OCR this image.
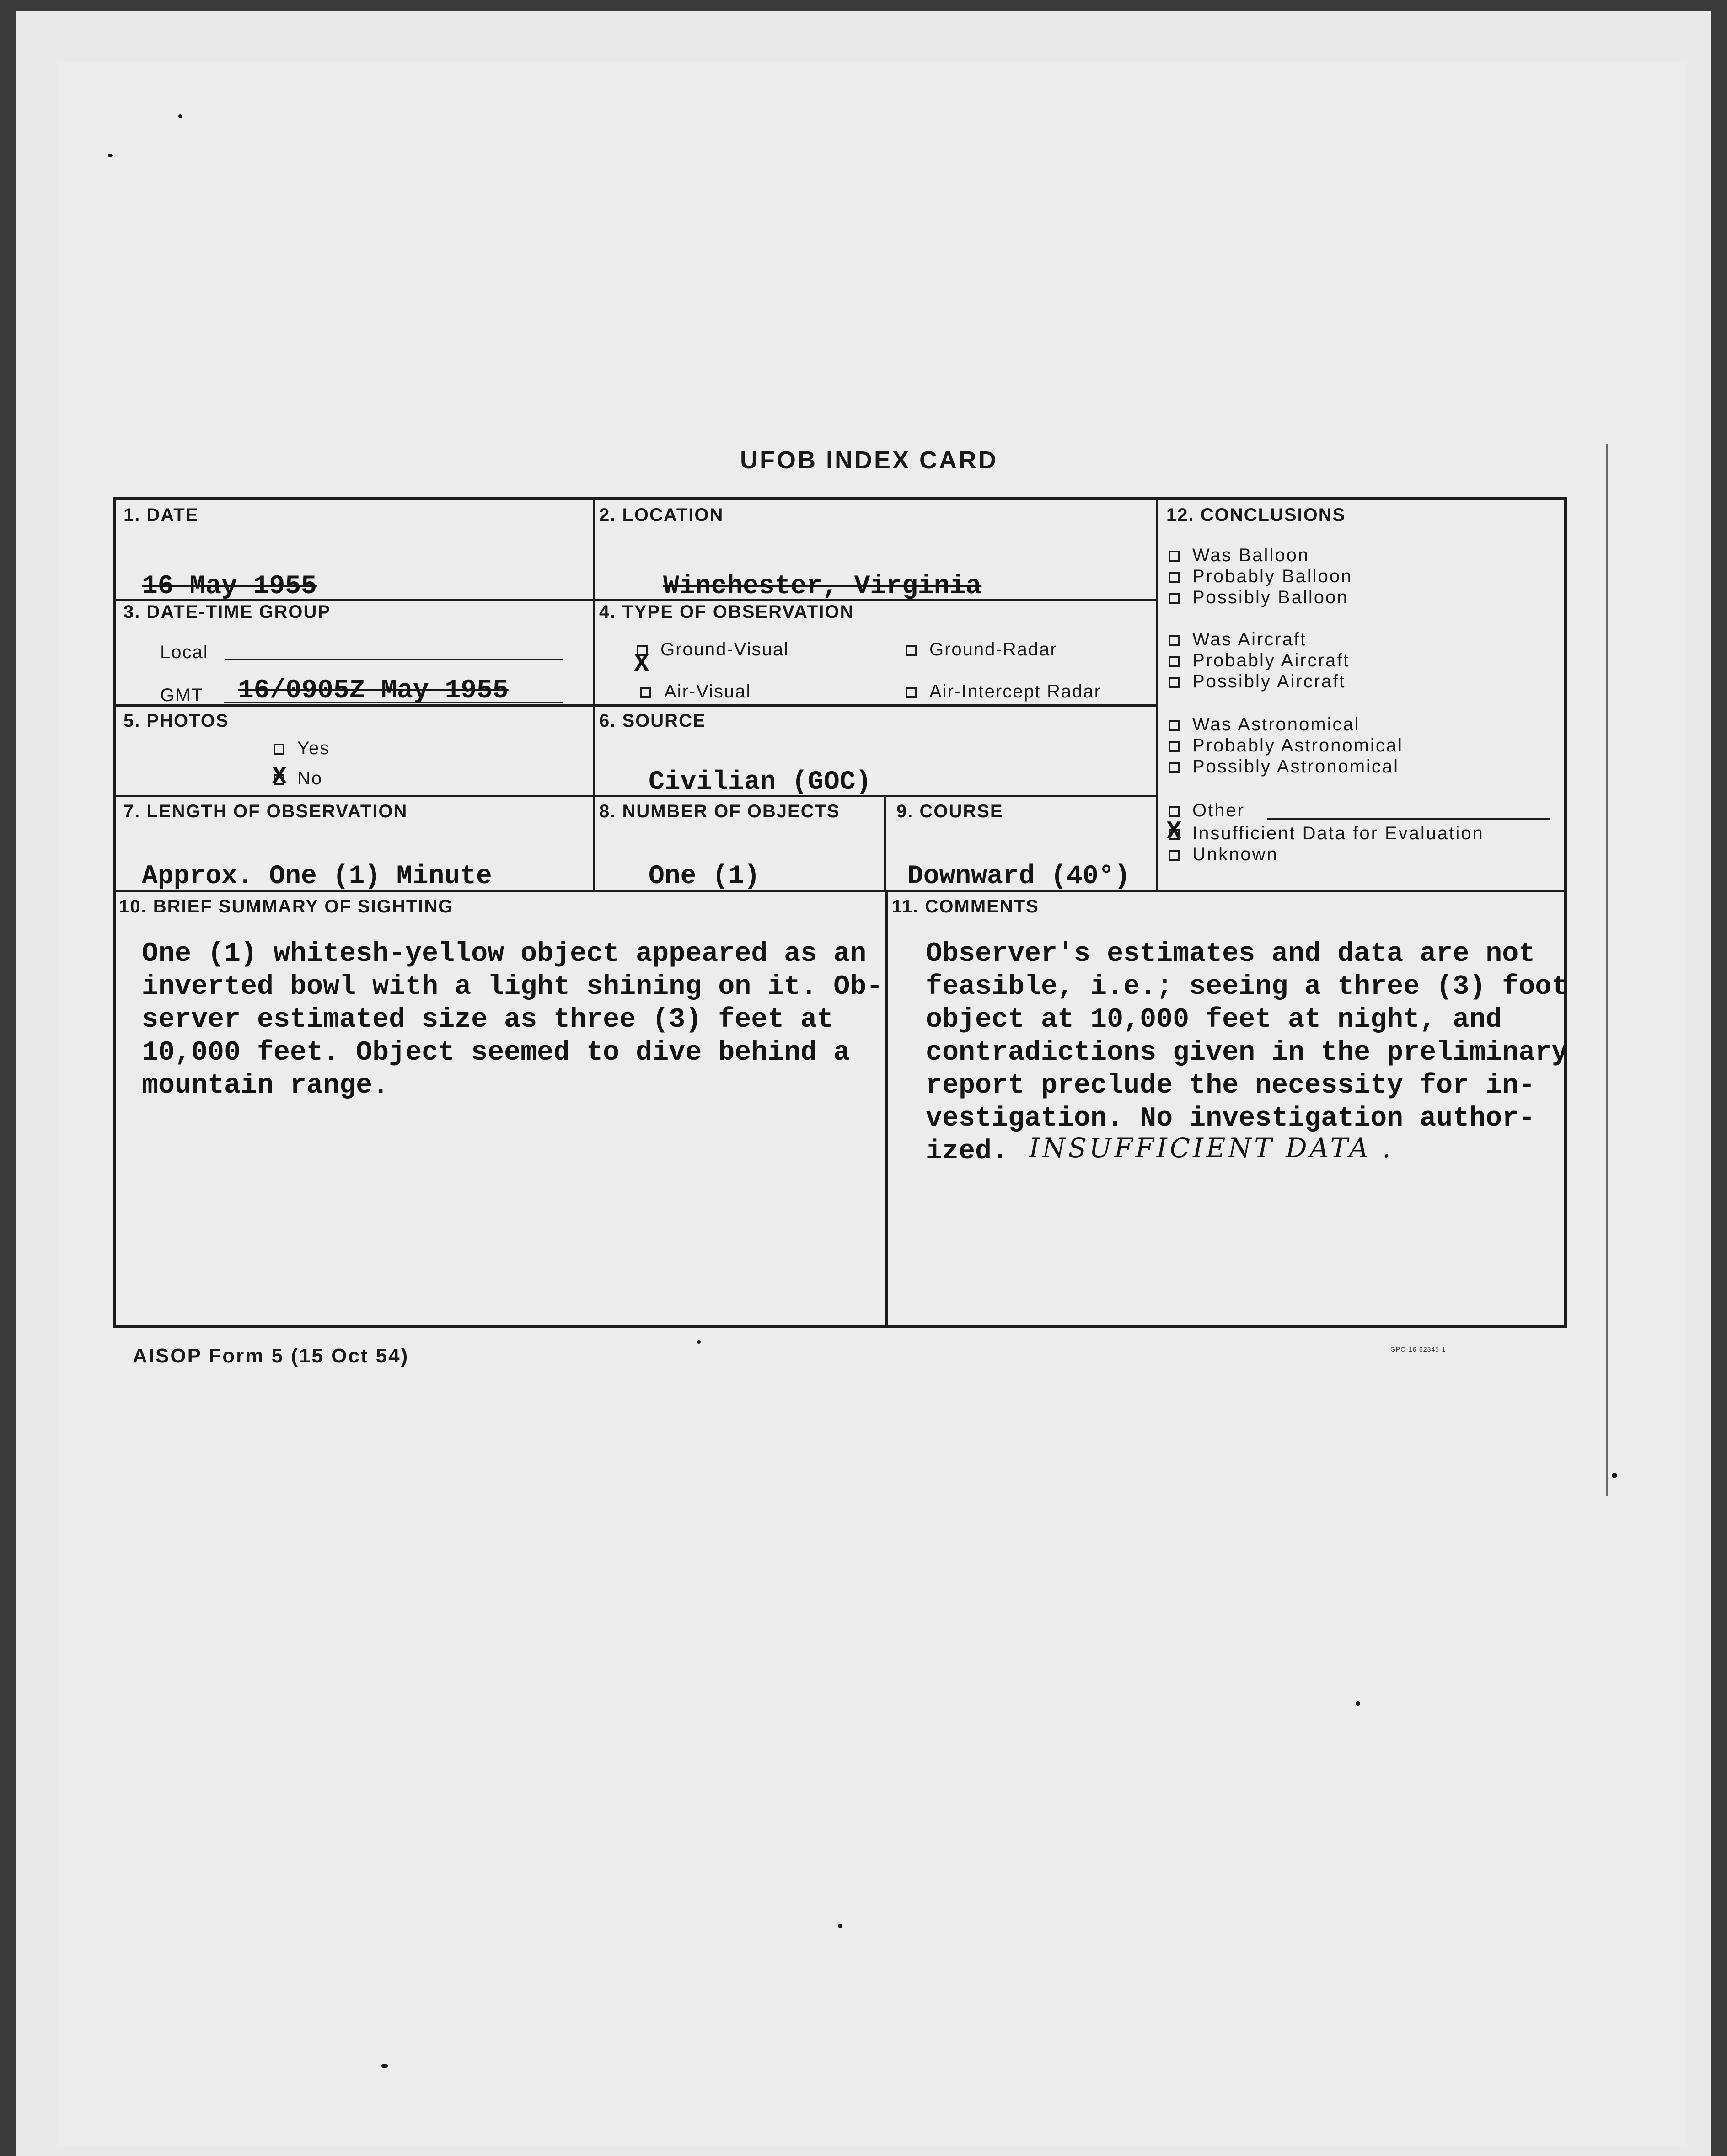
UFOB INDEX CARD
1. DATE
16 May 1955
2. LOCATION
Winchester, Virginia
3. DATE-TIME GROUP
Local
GMT 16/0905Z May 1955
4. TYPE OF OBSERVATION
Ground-Visual
X
Air-Visual
Ground-Radar
Air-Intercept Radar
5. PHOTOS
Yes
No
X
6. SOURCE
Civilian (GOC)
7. LENGTH OF OBSERVATION
Approx. One (1) Minute
8. NUMBER OF OBJECTS
One (1)
9. COURSE
Downward (40°)
10. BRIEF SUMMARY OF SIGHTING
One (1) whitesh-yellow object appeared as an
inverted bowl with a light shining on it. Ob-
server estimated size as three (3) feet at
10,000 feet. Object seemed to dive behind a
mountain range.
11. COMMENTS
Observer's estimates and data are not
feasible, i.e.; seeing a three (3) foot
object at 10,000 feet at night, and
contradictions given in the preliminary
report preclude the necessity for in-
vestigation. No investigation author-
ized. INSUFFICIENT DATA .
12. CONCLUSIONS
Was Balloon
Probably Balloon
Possibly Balloon
Was Aircraft
Probably Aircraft
Possibly Aircraft
Was Astronomical
Probably Astronomical
Possibly Astronomical
Other
Insufficient Data for Evaluation
X
Unknown
AISOP Form 5 (15 Oct 54)	GPO-16-62345-1
